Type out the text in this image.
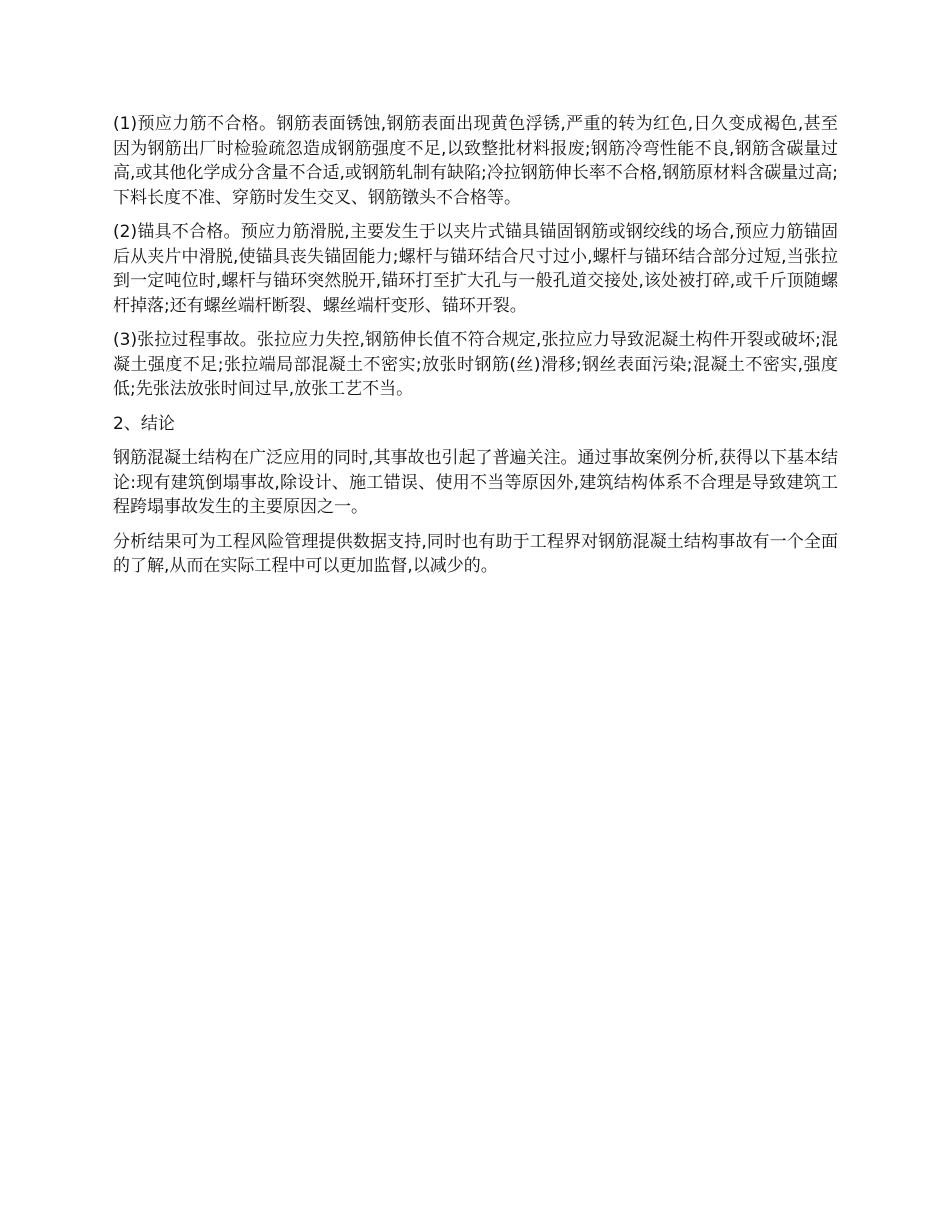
(1)预应力筋不合格。钢筋表面锈蚀,钢筋表面出现黄色浮锈,严重的转为红色,日久变成褐色,甚至因为钢筋出厂时检验疏忽造成钢筋强度不足,以致整批材料报废;钢筋冷弯性能不良,钢筋含碳量过高,或其他化学成分含量不合适,或钢筋轧制有缺陷;冷拉钢筋伸长率不合格,钢筋原材料含碳量过高;下料长度不准、穿筋时发生交叉、钢筋镦头不合格等。

(2)锚具不合格。预应力筋滑脱,主要发生于以夹片式锚具锚固钢筋或钢绞线的场合,预应力筋锚固后从夹片中滑脱,使锚具丧失锚固能力;螺杆与锚环结合尺寸过小,螺杆与锚环结合部分过短,当张拉到一定吨位时,螺杆与锚环突然脱开,锚环打至扩大孔与一般孔道交接处,该处被打碎,或千斤顶随螺杆掉落;还有螺丝端杆断裂、螺丝端杆变形、锚环开裂。

(3)张拉过程事故。张拉应力失控,钢筋伸长值不符合规定,张拉应力导致泥凝土构件开裂或破坏;混凝土强度不足;张拉端局部混凝土不密实;放张时钢筋(丝)滑移;钢丝表面污染;混凝土不密实,强度低;先张法放张时间过早,放张工艺不当。

2、结论

钢筋混凝土结构在广泛应用的同时,其事故也引起了普遍关注。通过事故案例分析,获得以下基本结论:现有建筑倒塌事故,除设计、施工错误、使用不当等原因外,建筑结构体系不合理是导致建筑工程跨塌事故发生的主要原因之一。

分析结果可为工程风险管理提供数据支持,同时也有助于工程界对钢筋混凝土结构事故有一个全面的了解,从而在实际工程中可以更加监督,以减少的。
